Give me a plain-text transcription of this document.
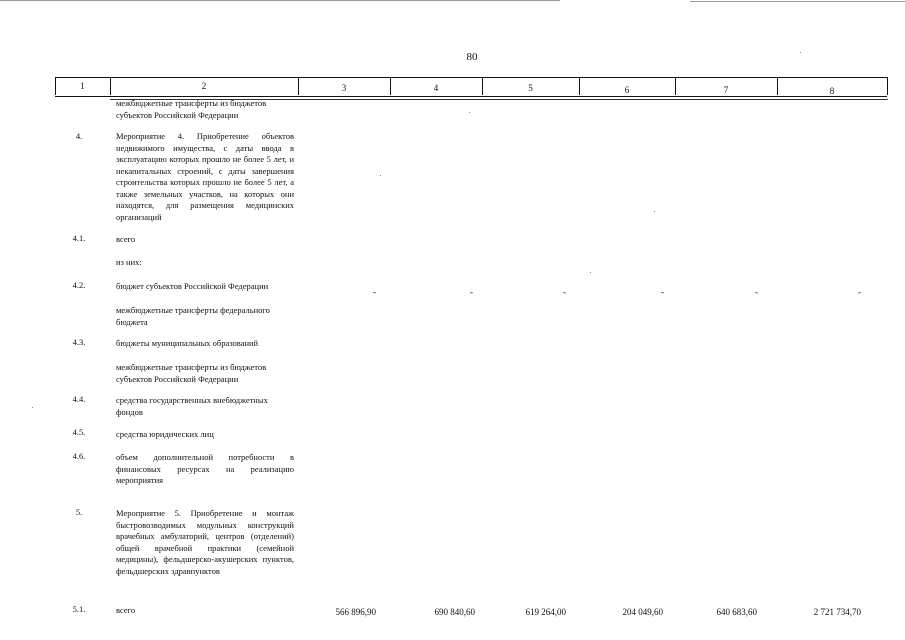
80
1	2	3	4	5	6	7	8
межбюджетные трансферты из бюджетов субъектов Российской Федерации
4.	Мероприятие 4. Приобретение объектов недвижимого имущества, с даты ввода в эксплуатацию которых прошло не более 5 лет, и некапитальных строений, с даты завершения строительства которых прошло не более 5 лет, а также земельных участков, на которых они находятся, для размещения медицинских организаций
4.1.	всего
из них:
4.2.	бюджет субъектов Российской Федерации
-	-	-	-	-	-
межбюджетные трансферты федерального бюджета
4.3.	бюджеты муниципальных образований
межбюджетные трансферты из бюджетов субъектов Российской Федерации
4.4.	средства государственных внебюджетных фондов
4.5.	средства юридических лиц
4.6.	объем дополнительной потребности в финансовых ресурсах на реализацию мероприятия
5.	Мероприятие 5. Приобретение и монтаж быстровозводимых модульных конструкций врачебных амбулаторий, центров (отделений) общей врачебной практики (семейной медицины), фельдшерско-акушерских пунктов, фельдшерских здравпунктов
5.1.	всего	566 896,90	690 840,60	619 264,00	204 049,60	640 683,60	2 721 734,70
